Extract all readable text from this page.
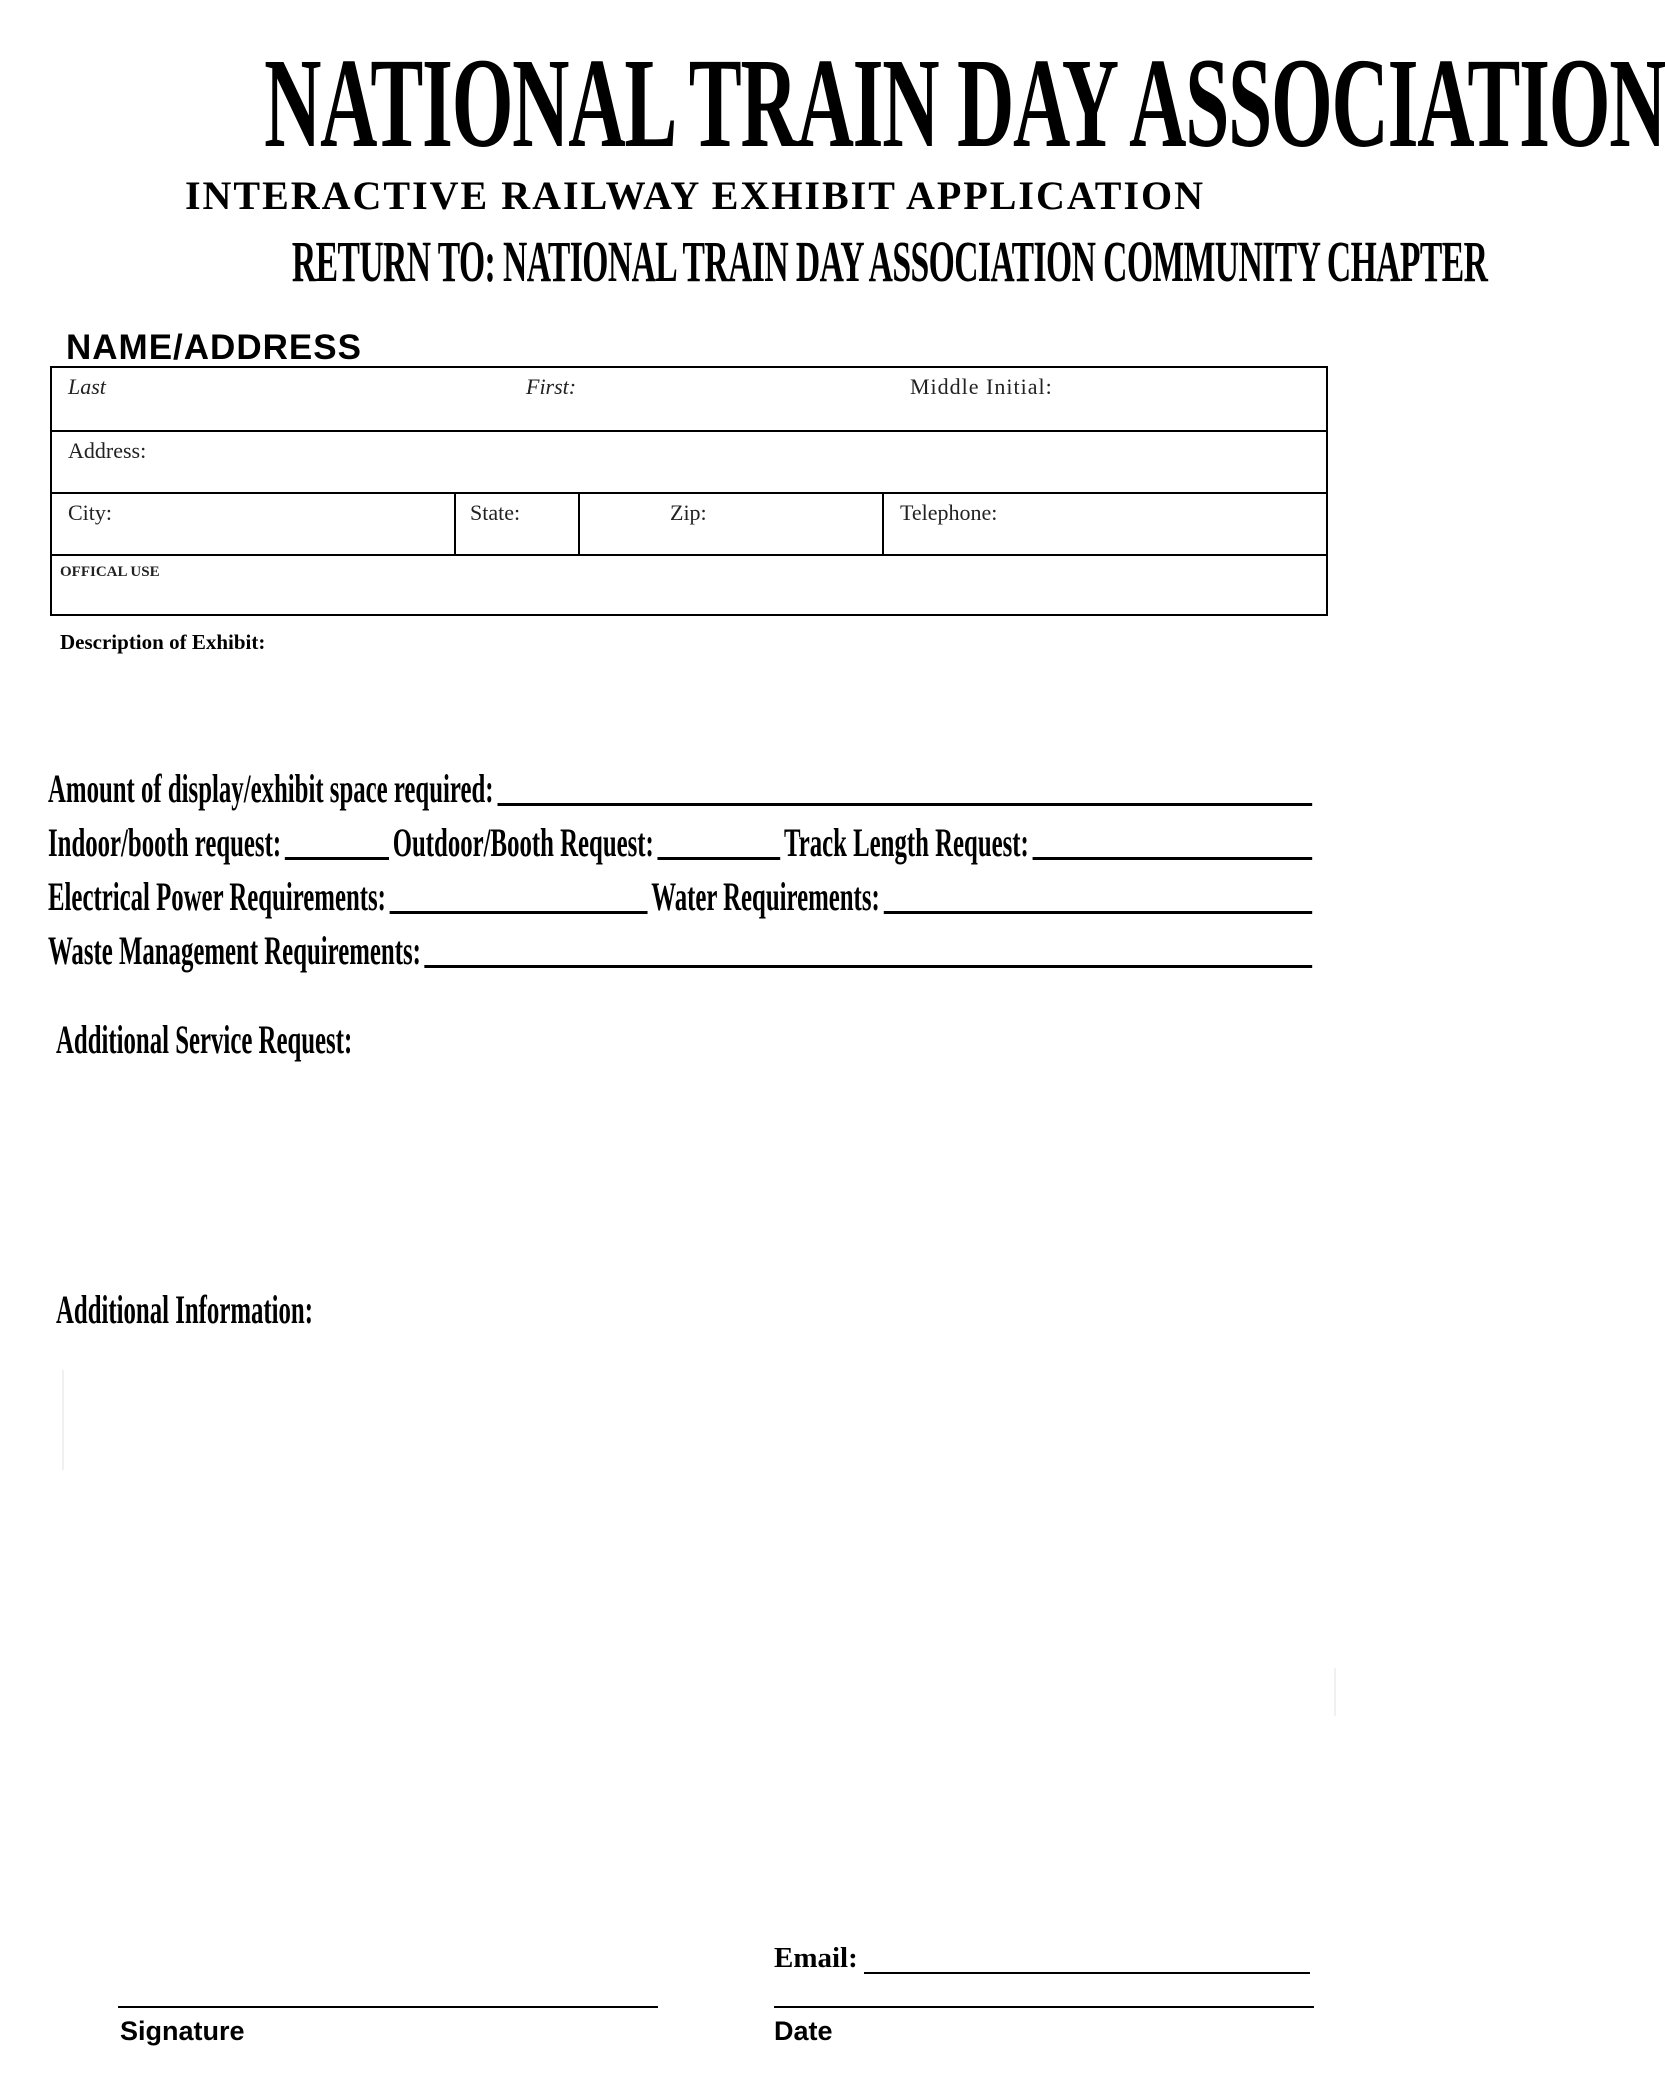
NATIONAL TRAIN DAY ASSOCIATION
INTERACTIVE RAILWAY EXHIBIT APPLICATION
RETURN TO: NATIONAL TRAIN DAY ASSOCIATION COMMUNITY CHAPTER
NAME/ADDRESS
Last	First:	Middle Initial:
Address:
City:	State:	Zip:	Telephone:
OFFICAL USE
Description of Exhibit:
Amount of display/exhibit space required:
Indoor/booth request:	Outdoor/Booth Request:	Track Length Request:
Electrical Power Requirements:	Water Requirements:
Waste Management Requirements:
Additional Service Request:
Additional Information:
Email:
Signature	Date
